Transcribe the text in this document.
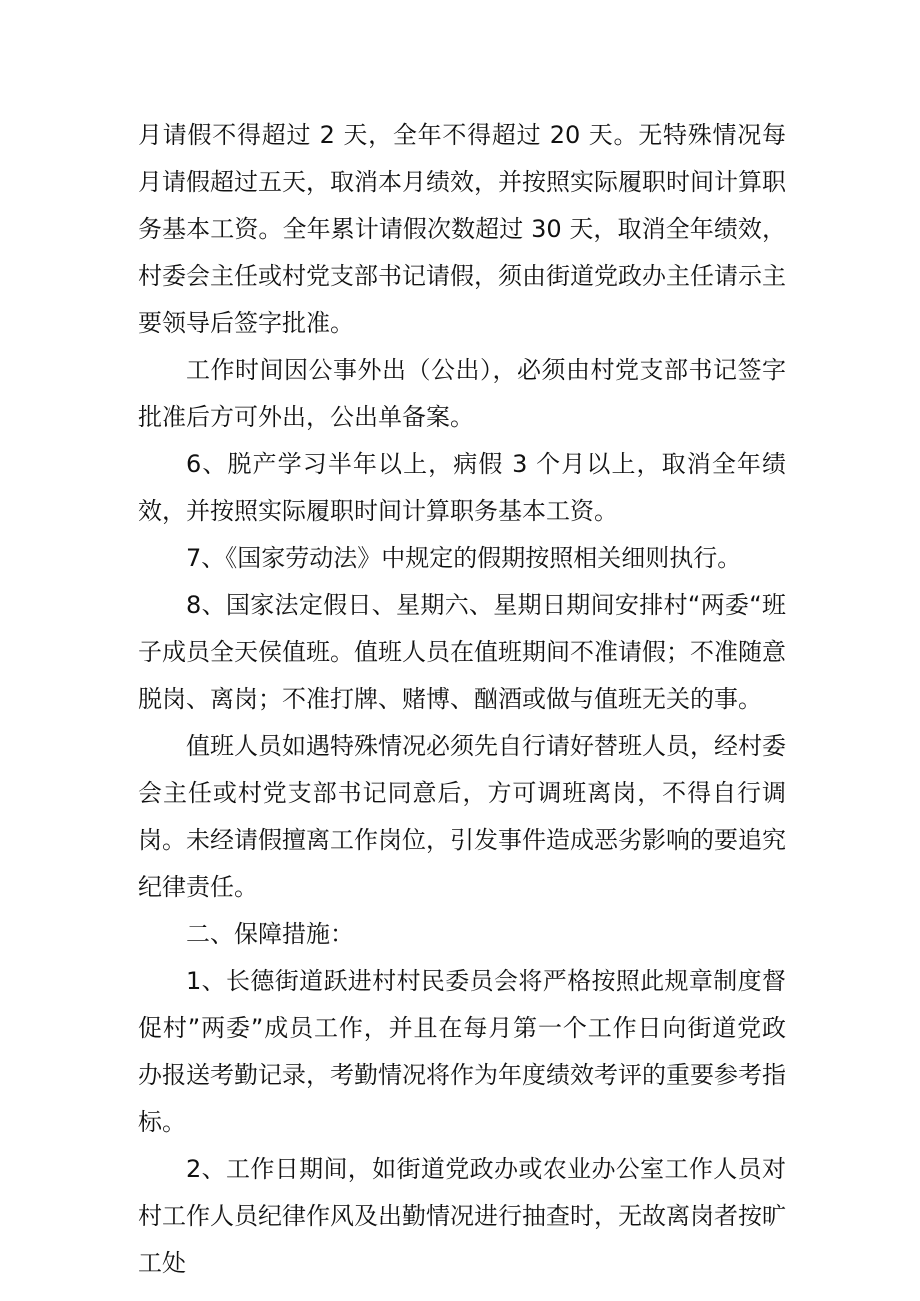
月请假不得超过 2 天，全年不得超过 20 天。无特殊情况每月请假超过五天，取消本月绩效，并按照实际履职时间计算职务基本工资。全年累计请假次数超过 30 天，取消全年绩效，村委会主任或村党支部书记请假，须由街道党政办主任请示主要领导后签字批准。

工作时间因公事外出（公出），必须由村党支部书记签字批准后方可外出，公出单备案。

6、脱产学习半年以上，病假 3 个月以上，取消全年绩效，并按照实际履职时间计算职务基本工资。

7、《国家劳动法》中规定的假期按照相关细则执行。

8、国家法定假日、星期六、星期日期间安排村“两委“班子成员全天侯值班。值班人员在值班期间不准请假；不准随意脱岗、离岗；不准打牌、赌博、酗酒或做与值班无关的事。

值班人员如遇特殊情况必须先自行请好替班人员，经村委会主任或村党支部书记同意后，方可调班离岗，不得自行调岗。未经请假擅离工作岗位，引发事件造成恶劣影响的要追究纪律责任。

二、保障措施：

1、长德街道跃进村村民委员会将严格按照此规章制度督促村”两委”成员工作，并且在每月第一个工作日向街道党政办报送考勤记录，考勤情况将作为年度绩效考评的重要参考指标。

2、工作日期间，如街道党政办或农业办公室工作人员对村工作人员纪律作风及出勤情况进行抽查时，无故离岗者按旷工处
